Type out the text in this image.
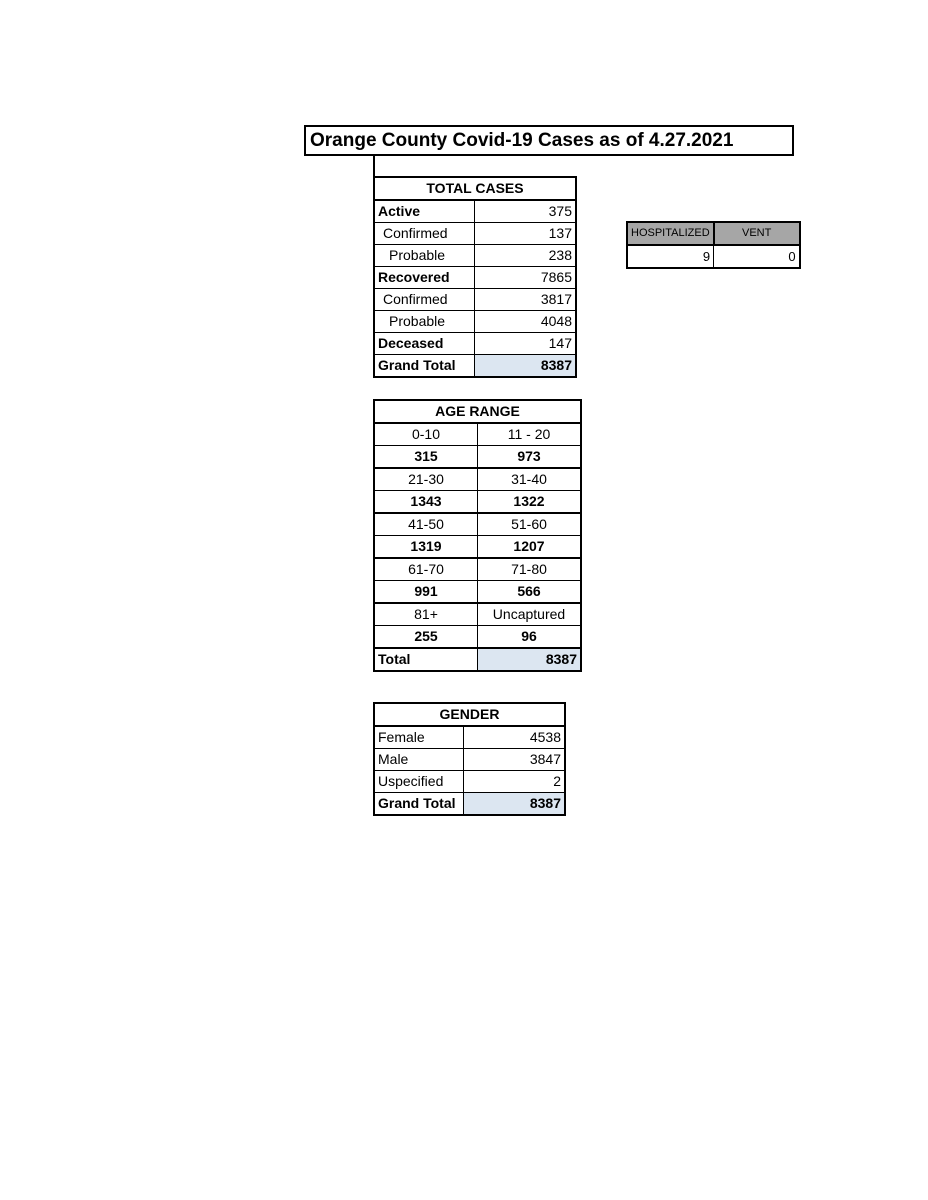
Orange County Covid-19 Cases as of 4.27.2021
TOTAL CASES	
Active	375
Confirmed	137
Probable	238
Recovered	7865
Confirmed	3817
Probable	4048
Deceased	147
Grand Total	8387
HOSPITALIZED	VENT
9	0
AGE RANGE	
0-10	11 - 20
315	973
21-30	31-40
1343	1322
41-50	51-60
1319	1207
61-70	71-80
991	566
81+	Uncaptured
255	96
Total	8387
GENDER	
Female	4538
Male	3847
Uspecified	2
Grand Total	8387
